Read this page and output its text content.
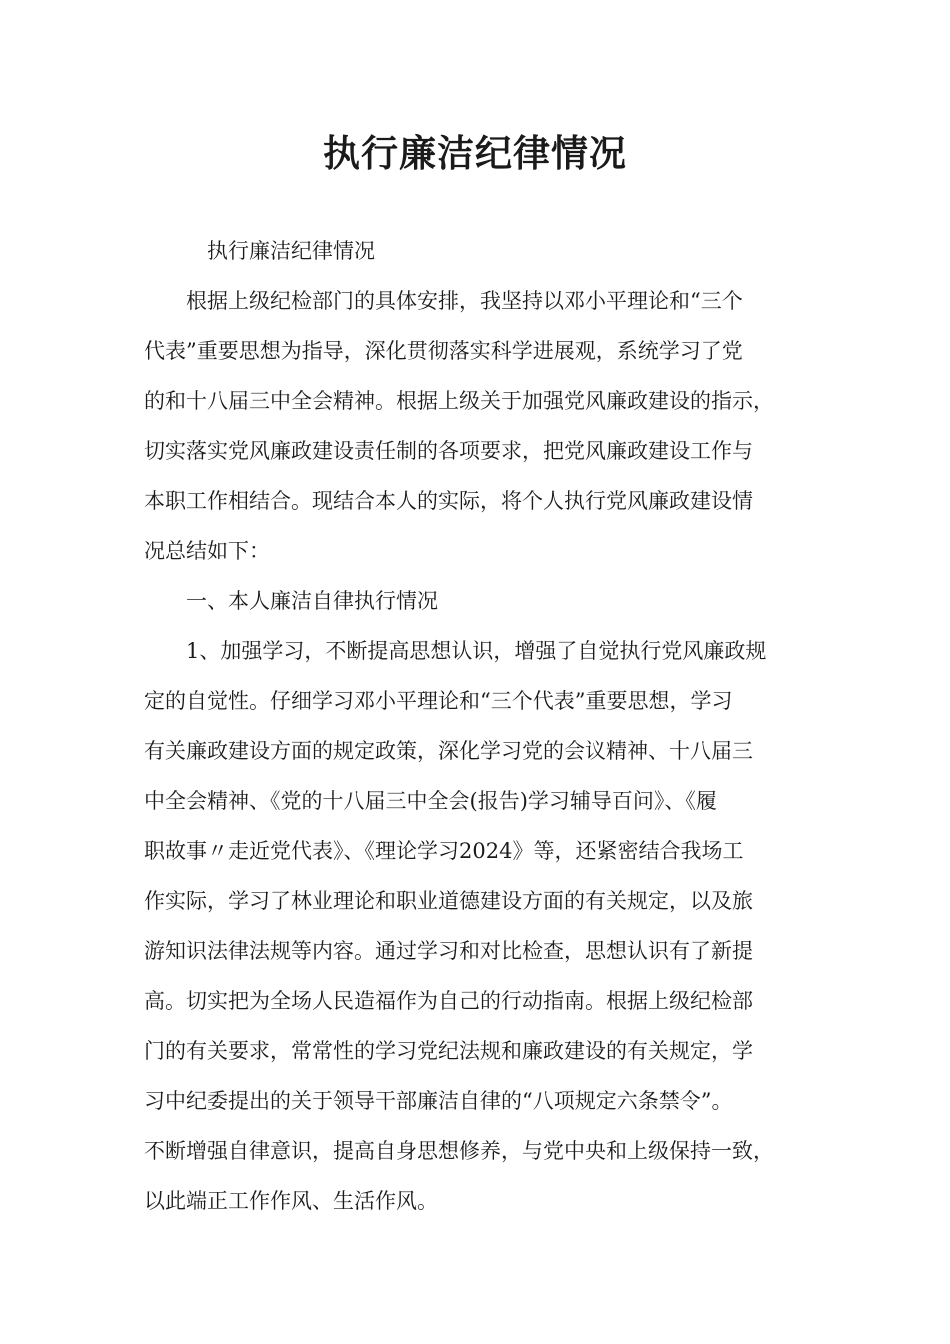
执行廉洁纪律情况

执行廉洁纪律情况

根据上级纪检部门的具体安排，我坚持以邓小平理论和“三个
代表”重要思想为指导，深化贯彻落实科学进展观，系统学习了党
的和十八届三中全会精神。根据上级关于加强党风廉政建设的指示，
切实落实党风廉政建设责任制的各项要求，把党风廉政建设工作与
本职工作相结合。现结合本人的实际，将个人执行党风廉政建设情
况总结如下：

一、本人廉洁自律执行情况

1、加强学习，不断提高思想认识，增强了自觉执行党风廉政规
定的自觉性。仔细学习邓小平理论和“三个代表”重要思想，学习
有关廉政建设方面的规定政策，深化学习党的会议精神、十八届三
中全会精神、《党的十八届三中全会(报告)学习辅导百问》、《履
职故事〃走近党代表》、《理论学习2024》等，还紧密结合我场工
作实际，学习了林业理论和职业道德建设方面的有关规定，以及旅
游知识法律法规等内容。通过学习和对比检查，思想认识有了新提
高。切实把为全场人民造福作为自己的行动指南。根据上级纪检部
门的有关要求，常常性的学习党纪法规和廉政建设的有关规定，学
习中纪委提出的关于领导干部廉洁自律的“八项规定六条禁令”。
不断增强自律意识，提高自身思想修养，与党中央和上级保持一致，
以此端正工作作风、生活作风。
